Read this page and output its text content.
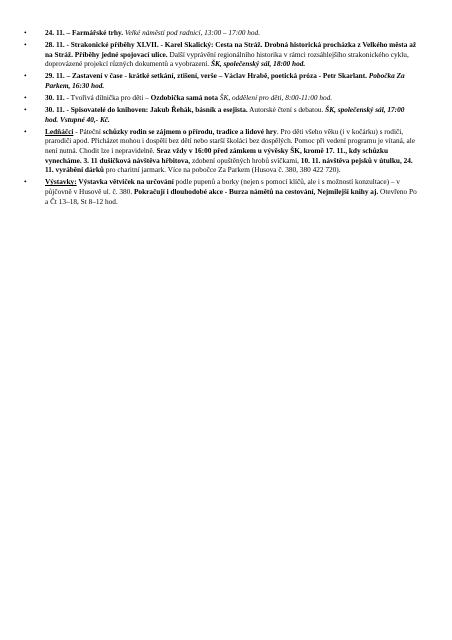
•	24. 11. – Farmářské trhy. Velké náměstí pod radnicí, 13:00 – 17:00 hod.
•	28. 11. - Strakonické příběhy XLVII. - Karel Skalický: Cesta na Stráž. Drobná historická procházka z Velkého města až na Stráž. Příběhy jedné spojovací ulice. Další vyprávění regionálního historika v rámci rozsáhlejšího strakonického cyklu, doprovázené projekcí různých dokumentů a vyobrazení. ŠK, společenský sál, 18:00 hod.
•	29. 11. – Zastavení v čase - krátké setkání, ztišení, verše – Václav Hrabě, poetická próza - Petr Skarlant. Pobočka Za Parkem, 16:30 hod.
•	30. 11. - Tvořivá dílnička pro děti – Ozdobička samá nota ŠK, oddělení pro děti, 8:00-11:00 hod.
•	30. 11. - Spisovatelé do knihoven: Jakub Řehák, básník a esejista. Autorské čtení s debatou. ŠK, společenský sál, 17:00 hod. Vstupné 40,- Kč.
•	Ledňáčci - Páteční schůzky rodin se zájmem o přírodu, tradice a lidové hry. Pro děti všeho věku (i v kočárku) s rodiči, prarodiči apod. Přicházet mohou i dospělí bez dětí nebo starší školáci bez dospělých. Pomoc při vedení programu je vítaná, ale není nutná. Chodit lze i nepravidelně. Sraz vždy v 16:00 před zámkem u vývěsky ŠK, kromě 17. 11., kdy schůzku vynecháme. 3. 11 dušičková návštěva hřbitova, zdobení opuštěných hrobů svíčkami, 10. 11. návštěva pejsků v útulku, 24. 11. vyrábění dárků pro charitní jarmark. Více na pobočce Za Parkem (Husova č. 380, 380 422 720).
•	Výstavky: Výstavka větviček na určování podle pupenů a borky (nejen s pomocí klíčů, ale i s možností konzultace) – v půjčovně v Husově ul. č. 380. Pokračují i dlouhodobé akce - Burza námětů na cestování, Nejmilejší knihy aj. Otevřeno Po a Čt 13–18, St 8–12 hod.
